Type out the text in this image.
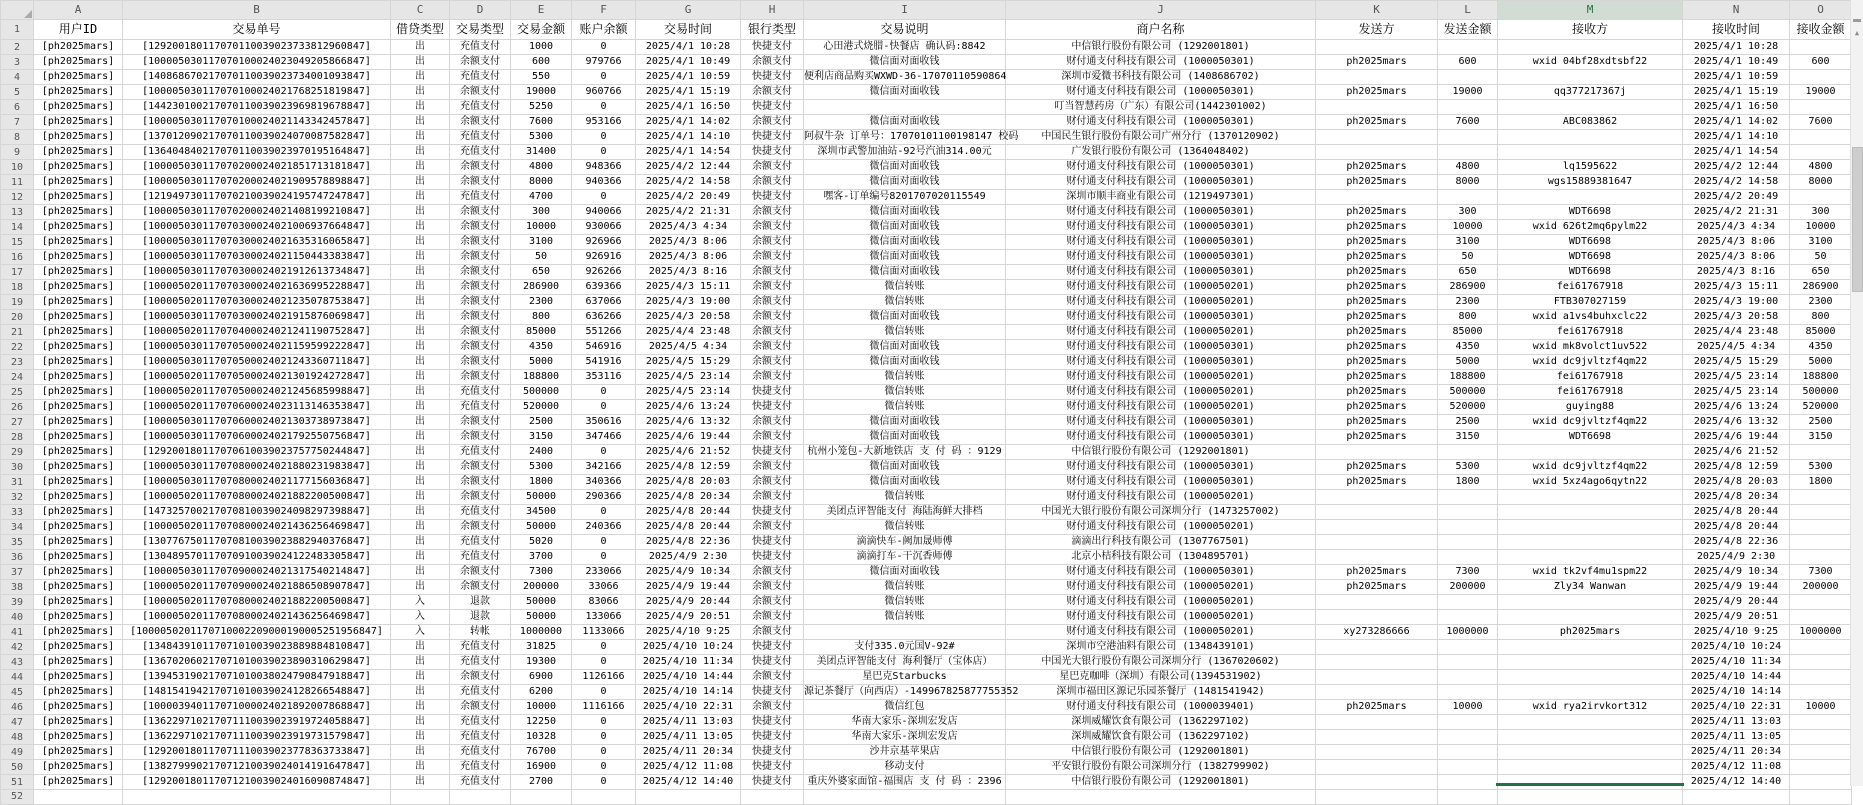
	A	B	C	D	E	F	G	H	I	J	K	L	M	N	O
1	用户ID	交易单号	借贷类型	交易类型	交易金额	账户余额	交易时间	银行类型	交易说明	商户名称	发送方	发送金额	接收方	接收时间	接收金额
2	[ph2025mars]	[129200180117070110039023733812960847]	出	充值支付	1000	0	2025/4/1 10:28	快捷支付	心田港式烧腊-快餐店 确认码:8842	中信银行股份有限公司 (1292001801)				2025/4/1 10:28	
3	[ph2025mars]	[100005030117070100024023049205866847]	出	余额支付	600	979766	2025/4/1 10:49	余额支付	微信面对面收钱	财付通支付科技有限公司 (1000050301)	ph2025mars	600	wxid 04bf28xdtsbf22	2025/4/1 10:49	600
4	[ph2025mars]	[140868670217070110039023734001093847]	出	充值支付	550	0	2025/4/1 10:59	快捷支付	便利店商品购买WXWD-36-17070110590864	深圳市爱微书科技有限公司 (1408686702)				2025/4/1 10:59	
5	[ph2025mars]	[100005030117070100024021768251819847]	出	余额支付	19000	960766	2025/4/1 15:19	余额支付	微信面对面收钱	财付通支付科技有限公司 (1000050301)	ph2025mars	19000	qq377217367j	2025/4/1 15:19	19000
6	[ph2025mars]	[144230100217070110039023969819678847]	出	充值支付	5250	0	2025/4/1 16:50	快捷支付		叮当智慧药房（广东）有限公司(1442301002)				2025/4/1 16:50	
7	[ph2025mars]	[100005030117070100024021143342457847]	出	余额支付	7600	953166	2025/4/1 14:02	余额支付	微信面对面收钱	财付通支付科技有限公司 (1000050301)	ph2025mars	7600	ABC083862	2025/4/1 14:02	7600
8	[ph2025mars]	[137012090217070110039024070087582847]	出	充值支付	5300	0	2025/4/1 14:10	快捷支付	阿叔牛杂 订单号：17070101100198147 校码	中国民生银行股份有限公司广州分行 (1370120902)				2025/4/1 14:10	
9	[ph2025mars]	[136404840217070110039023970195164847]	出	充值支付	31400	0	2025/4/1 14:54	快捷支付	深圳市武警加油站-92号汽油314.00元	广发银行股份有限公司 (1364048402)				2025/4/1 14:54	
10	[ph2025mars]	[100005030117070200024021851713181847]	出	余额支付	4800	948366	2025/4/2 12:44	余额支付	微信面对面收钱	财付通支付科技有限公司 (1000050301)	ph2025mars	4800	lq1595622	2025/4/2 12:44	4800
11	[ph2025mars]	[100005030117070200024021909578898847]	出	余额支付	8000	940366	2025/4/2 14:58	余额支付	微信面对面收钱	财付通支付科技有限公司 (1000050301)	ph2025mars	8000	wgs15889381647	2025/4/2 14:58	8000
12	[ph2025mars]	[121949730117070210039024195747247847]	出	充值支付	4700	0	2025/4/2 20:49	快捷支付	嘿客-订单编号8201707020115549	深圳市顺丰商业有限公司 (1219497301)				2025/4/2 20:49	
13	[ph2025mars]	[100005030117070200024021408199210847]	出	余额支付	300	940066	2025/4/2 21:31	余额支付	微信面对面收钱	财付通支付科技有限公司 (1000050301)	ph2025mars	300	WDT6698	2025/4/2 21:31	300
14	[ph2025mars]	[100005030117070300024021006937664847]	出	余额支付	10000	930066	2025/4/3 4:34	余额支付	微信面对面收钱	财付通支付科技有限公司 (1000050301)	ph2025mars	10000	wxid 626t2mq6pylm22	2025/4/3 4:34	10000
15	[ph2025mars]	[100005030117070300024021635316065847]	出	余额支付	3100	926966	2025/4/3 8:06	余额支付	微信面对面收钱	财付通支付科技有限公司 (1000050301)	ph2025mars	3100	WDT6698	2025/4/3 8:06	3100
16	[ph2025mars]	[100005030117070300024021150443383847]	出	余额支付	50	926916	2025/4/3 8:06	余额支付	微信面对面收钱	财付通支付科技有限公司 (1000050301)	ph2025mars	50	WDT6698	2025/4/3 8:06	50
17	[ph2025mars]	[100005030117070300024021912613734847]	出	余额支付	650	926266	2025/4/3 8:16	余额支付	微信面对面收钱	财付通支付科技有限公司 (1000050301)	ph2025mars	650	WDT6698	2025/4/3 8:16	650
18	[ph2025mars]	[100005020117070300024021636995228847]	出	余额支付	286900	639366	2025/4/3 15:11	余额支付	微信转账	财付通支付科技有限公司 (1000050201)	ph2025mars	286900	fei61767918	2025/4/3 15:11	286900
19	[ph2025mars]	[100005020117070300024021235078753847]	出	余额支付	2300	637066	2025/4/3 19:00	余额支付	微信转账	财付通支付科技有限公司 (1000050201)	ph2025mars	2300	FTB307027159	2025/4/3 19:00	2300
20	[ph2025mars]	[100005030117070300024021915876069847]	出	余额支付	800	636266	2025/4/3 20:58	余额支付	微信面对面收钱	财付通支付科技有限公司 (1000050301)	ph2025mars	800	wxid a1vs4buhxclc22	2025/4/3 20:58	800
21	[ph2025mars]	[100005020117070400024021241190752847]	出	余额支付	85000	551266	2025/4/4 23:48	余额支付	微信转账	财付通支付科技有限公司 (1000050201)	ph2025mars	85000	fei61767918	2025/4/4 23:48	85000
22	[ph2025mars]	[100005030117070500024021159599222847]	出	余额支付	4350	546916	2025/4/5 4:34	余额支付	微信面对面收钱	财付通支付科技有限公司 (1000050301)	ph2025mars	4350	wxid mk8volct1uv522	2025/4/5 4:34	4350
23	[ph2025mars]	[100005030117070500024021243360711847]	出	余额支付	5000	541916	2025/4/5 15:29	余额支付	微信面对面收钱	财付通支付科技有限公司 (1000050301)	ph2025mars	5000	wxid dc9jvltzf4qm22	2025/4/5 15:29	5000
24	[ph2025mars]	[100005020117070500024021301924272847]	出	余额支付	188800	353116	2025/4/5 23:14	余额支付	微信转账	财付通支付科技有限公司 (1000050201)	ph2025mars	188800	fei61767918	2025/4/5 23:14	188800
25	[ph2025mars]	[100005020117070500024021245685998847]	出	充值支付	500000	0	2025/4/5 23:14	快捷支付	微信转账	财付通支付科技有限公司 (1000050201)	ph2025mars	500000	fei61767918	2025/4/5 23:14	500000
26	[ph2025mars]	[100005020117070600024023113146353847]	出	充值支付	520000	0	2025/4/6 13:24	快捷支付	微信转账	财付通支付科技有限公司 (1000050201)	ph2025mars	520000	guying88	2025/4/6 13:24	520000
27	[ph2025mars]	[100005030117070600024021303738973847]	出	余额支付	2500	350616	2025/4/6 13:32	余额支付	微信面对面收钱	财付通支付科技有限公司 (1000050301)	ph2025mars	2500	wxid dc9jvltzf4qm22	2025/4/6 13:32	2500
28	[ph2025mars]	[100005030117070600024021792550756847]	出	余额支付	3150	347466	2025/4/6 19:44	余额支付	微信面对面收钱	财付通支付科技有限公司 (1000050301)	ph2025mars	3150	WDT6698	2025/4/6 19:44	3150
29	[ph2025mars]	[129200180117070610039023757750244847]	出	充值支付	2400	0	2025/4/6 21:52	快捷支付	杭州小笼包-大新地铁店 支 付 码 ：9129	中信银行股份有限公司 (1292001801)				2025/4/6 21:52	
30	[ph2025mars]	[100005030117070800024021880231983847]	出	余额支付	5300	342166	2025/4/8 12:59	余额支付	微信面对面收钱	财付通支付科技有限公司 (1000050301)	ph2025mars	5300	wxid dc9jvltzf4qm22	2025/4/8 12:59	5300
31	[ph2025mars]	[100005030117070800024021177156036847]	出	余额支付	1800	340366	2025/4/8 20:03	余额支付	微信面对面收钱	财付通支付科技有限公司 (1000050301)	ph2025mars	1800	wxid 5xz4ago6qytn22	2025/4/8 20:03	1800
32	[ph2025mars]	[100005020117070800024021882200500847]	出	余额支付	50000	290366	2025/4/8 20:34	余额支付	微信转账	财付通支付科技有限公司 (1000050201)				2025/4/8 20:34	
33	[ph2025mars]	[147325700217070810039024098297398847]	出	充值支付	34500	0	2025/4/8 20:44	快捷支付	美团点评智能支付 海陆海鲜大排档	中国光大银行股份有限公司深圳分行 (1473257002)				2025/4/8 20:44	
34	[ph2025mars]	[100005020117070800024021436256469847]	出	余额支付	50000	240366	2025/4/8 20:44	余额支付	微信转账	财付通支付科技有限公司 (1000050201)				2025/4/8 20:44	
35	[ph2025mars]	[130776750117070810039023882940376847]	出	充值支付	5020	0	2025/4/8 22:36	快捷支付	滴滴快车-阙加晟师傅	滴滴出行科技有限公司 (1307767501)				2025/4/8 22:36	
36	[ph2025mars]	[130489570117070910039024122483305847]	出	充值支付	3700	0	2025/4/9 2:30	快捷支付	滴滴打车-干沉香师傅	北京小桔科技有限公司 (1304895701)				2025/4/9 2:30	
37	[ph2025mars]	[100005030117070900024021317540214847]	出	余额支付	7300	233066	2025/4/9 10:34	余额支付	微信面对面收钱	财付通支付科技有限公司 (1000050301)	ph2025mars	7300	wxid tk2vf4mu1spm22	2025/4/9 10:34	7300
38	[ph2025mars]	[100005020117070900024021886508907847]	出	余额支付	200000	33066	2025/4/9 19:44	余额支付	微信转账	财付通支付科技有限公司 (1000050201)	ph2025mars	200000	Zly34 Wanwan	2025/4/9 19:44	200000
39	[ph2025mars]	[100005020117070800024021882200500847]	入	退款	50000	83066	2025/4/9 20:44	余额支付	微信转账	财付通支付科技有限公司 (1000050201)				2025/4/9 20:44	
40	[ph2025mars]	[100005020117070800024021436256469847]	入	退款	50000	133066	2025/4/9 20:51	余额支付	微信转账	财付通支付科技有限公司 (1000050201)				2025/4/9 20:51	
41	[ph2025mars]	[1000050201170710002209000190005251956847]	入	转帐	1000000	1133066	2025/4/10 9:25	余额支付		财付通支付科技有限公司 (1000050201)	xy273286666	1000000	ph2025mars	2025/4/10 9:25	1000000
42	[ph2025mars]	[134843910117071010039023889884810847]	出	充值支付	31825	0	2025/4/10 10:24	快捷支付	支付335.0元国V-92#	深圳市空港油料有限公司 (1348439101)				2025/4/10 10:24	
43	[ph2025mars]	[136702060217071010039023890310629847]	出	充值支付	19300	0	2025/4/10 11:34	快捷支付	美团点评智能支付 海利餐厅（宝体店）	中国光大银行股份有限公司深圳分行 (1367020602)				2025/4/10 11:34	
44	[ph2025mars]	[139453190217071010038024790847918847]	出	余额支付	6900	1126166	2025/4/10 14:44	余额支付	星巴克Starbucks	星巴克咖啡（深圳）有限公司(1394531902)				2025/4/10 14:44	
45	[ph2025mars]	[148154194217071010039024128266548847]	出	充值支付	6200	0	2025/4/10 14:14	快捷支付	源记茶餐厅（向西店）-149967825877755352	深圳市福田区源记乐园茶餐厅 (1481541942)				2025/4/10 14:14	
46	[ph2025mars]	[100003940117071000024021892007868847]	出	余额支付	10000	1116166	2025/4/10 22:31	余额支付	微信红包	财付通支付科技有限公司 (1000039401)	ph2025mars	10000	wxid rya2irvkort312	2025/4/10 22:31	10000
47	[ph2025mars]	[136229710217071110039023919724058847]	出	充值支付	12250	0	2025/4/11 13:03	快捷支付	华南大家乐-深圳宏发店	深圳威耀饮食有限公司 (1362297102)				2025/4/11 13:03	
48	[ph2025mars]	[136229710217071110039023919731579847]	出	充值支付	10328	0	2025/4/11 13:05	快捷支付	华南大家乐-深圳宏发店	深圳威耀饮食有限公司 (1362297102)				2025/4/11 13:05	
49	[ph2025mars]	[129200180117071110039023778363733847]	出	充值支付	76700	0	2025/4/11 20:34	快捷支付	沙井京基苹果店	中信银行股份有限公司 (1292001801)				2025/4/11 20:34	
50	[ph2025mars]	[138279990217071210039024014191647847]	出	充值支付	16900	0	2025/4/12 11:08	快捷支付	移动支付	平安银行股份有限公司深圳分行 (1382799902)				2025/4/12 11:08	
51	[ph2025mars]	[129200180117071210039024016090874847]	出	充值支付	2700	0	2025/4/12 14:40	快捷支付	重庆外婆家面馆-福围店 支 付 码 ：2396	中信银行股份有限公司 (1292001801)				2025/4/12 14:40	
52															
▲
